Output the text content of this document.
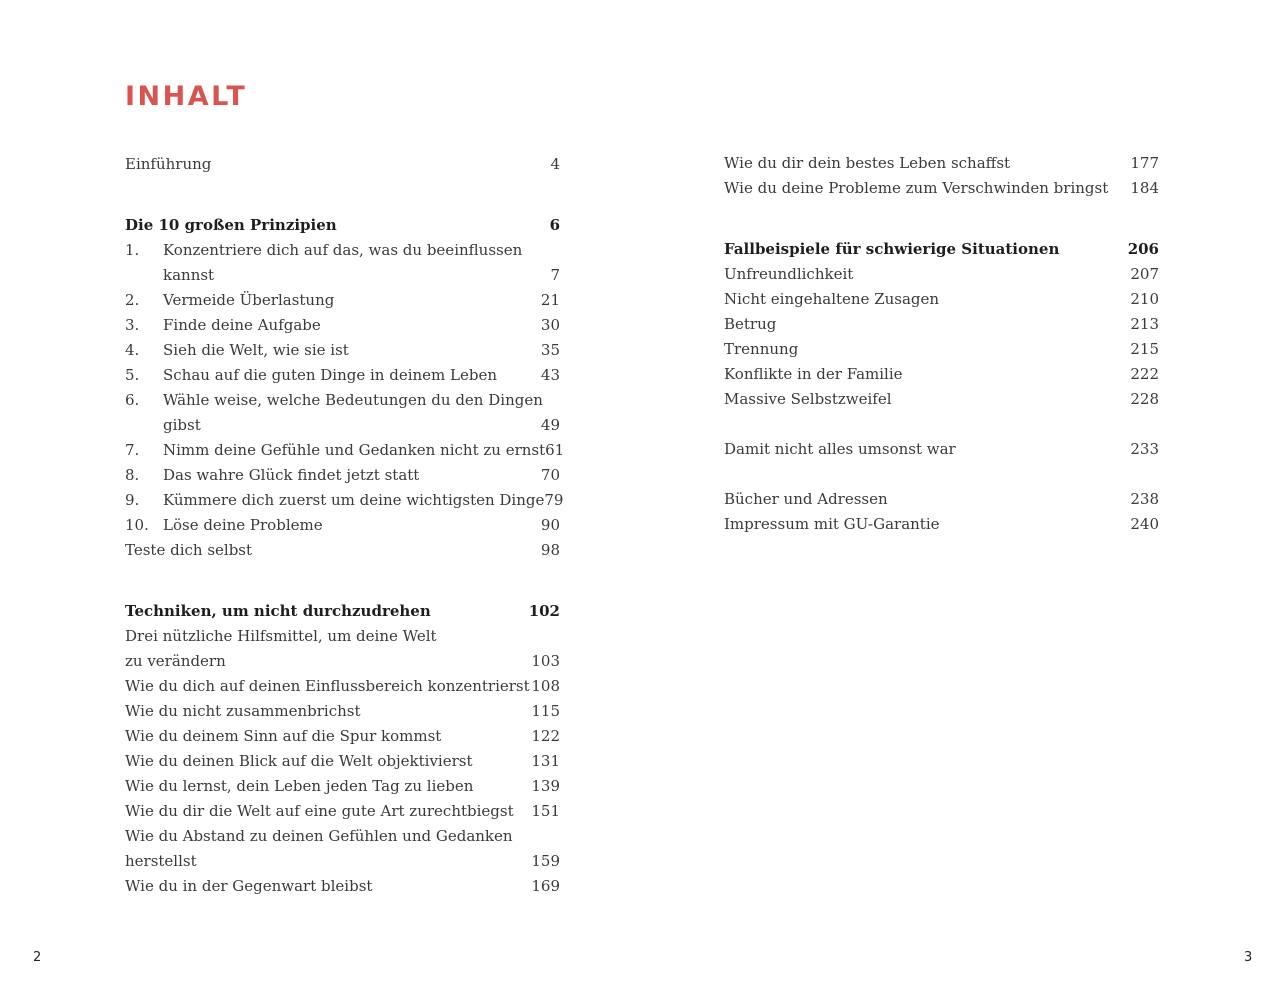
INHALT
Einführung	4
Die 10 großen Prinzipien	6
1.	Konzentriere dich auf das, was du beeinflussen
kannst	7
2.	Vermeide Überlastung	21
3.	Finde deine Aufgabe	30
4.	Sieh die Welt, wie sie ist	35
5.	Schau auf die guten Dinge in deinem Leben	43
6.	Wähle weise, welche Bedeutungen du den Dingen
gibst	49
7.	Nimm deine Gefühle und Gedanken nicht zu ernst 61
8.	Das wahre Glück findet jetzt statt	70
9.	Kümmere dich zuerst um deine wichtigsten Dinge 79
10. Löse deine Probleme	90
Teste dich selbst	98
Techniken, um nicht durchzudrehen	102
Drei nützliche Hilfsmittel, um deine Welt
zu verändern	103
Wie du dich auf deinen Einflussbereich konzentrierst 108
Wie du nicht zusammenbrichst	115
Wie du deinem Sinn auf die Spur kommst	122
Wie du deinen Blick auf die Welt objektivierst	131
Wie du lernst, dein Leben jeden Tag zu lieben	139
Wie du dir die Welt auf eine gute Art zurechtbiegst 151
Wie du Abstand zu deinen Gefühlen und Gedanken
herstellst	159
Wie du in der Gegenwart bleibst	169
Wie du dir dein bestes Leben schaffst	177
Wie du deine Probleme zum Verschwinden bringst 184
Fallbeispiele für schwierige Situationen	206
Unfreundlichkeit	207
Nicht eingehaltene Zusagen	210
Betrug	213
Trennung	215
Konflikte in der Familie	222
Massive Selbstzweifel	228
Damit nicht alles umsonst war	233
Bücher und Adressen	238
Impressum mit GU-Garantie	240
2	3
